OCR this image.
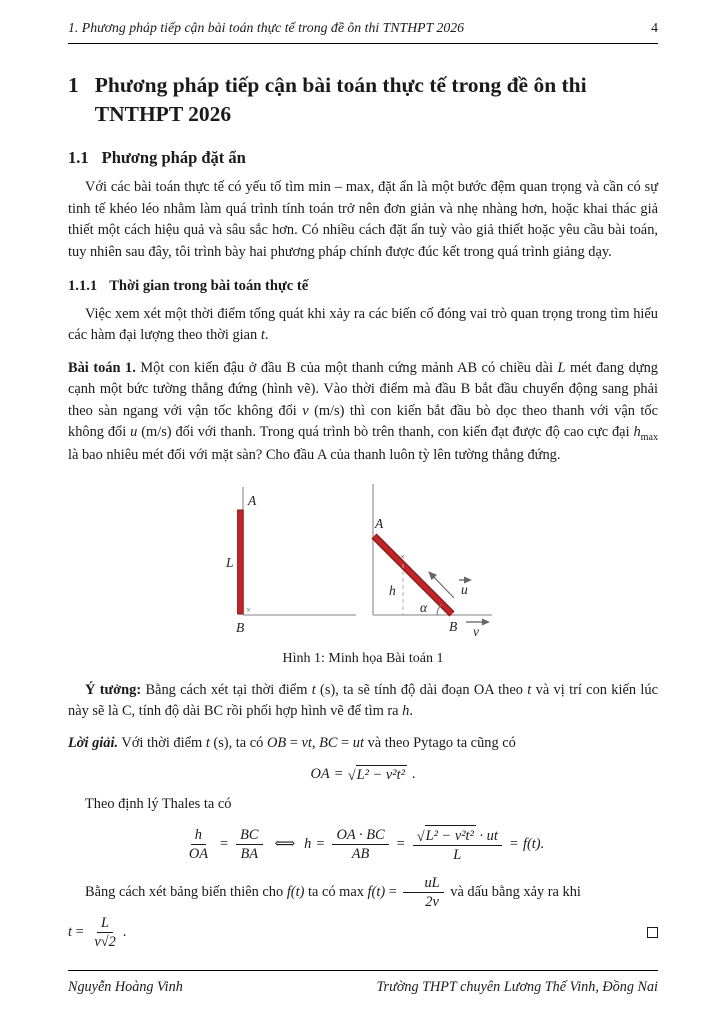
1. Phương pháp tiếp cận bài toán thực tế trong đề ôn thi TNTHPT 2026	4
1 Phương pháp tiếp cận bài toán thực tế trong đề ôn thi TNTHPT 2026
1.1 Phương pháp đặt ẩn

Với các bài toán thực tế có yếu tố tìm min – max, đặt ẩn là một bước đệm quan trọng và cần có sự tinh tế khéo léo nhằm làm quá trình tính toán trở nên đơn giản và nhẹ nhàng hơn, hoặc khai thác giả thiết một cách hiệu quả và sâu sắc hơn. Có nhiều cách đặt ẩn tuỳ vào giả thiết hoặc yêu cầu bài toán, tuy nhiên sau đây, tôi trình bày hai phương pháp chính được đúc kết trong quá trình giảng dạy.

1.1.1 Thời gian trong bài toán thực tế

Việc xem xét một thời điểm tổng quát khi xảy ra các biến cố đóng vai trò quan trọng trong tìm hiểu các hàm đại lượng theo thời gian t.

Bài toán 1. Một con kiến đậu ở đầu B của một thanh cứng mảnh AB có chiều dài L mét đang dựng cạnh một bức tường thẳng đứng (hình vẽ). Vào thời điểm mà đầu B bắt đầu chuyển động sang phải theo sàn ngang với vận tốc không đổi v (m/s) thì con kiến bắt đầu bò dọc theo thanh với vận tốc không đổi u (m/s) đối với thanh. Trong quá trình bò trên thanh, con kiến đạt được độ cao cực đại $h_{max}$ là bao nhiêu mét đối với mặt sàn? Cho đầu A của thanh luôn tỳ lên tường thẳng đứng.

A
L
×
B
A
×
h
α
u
B v
Hình 1: Minh họa Bài toán 1

Ý tưởng: Bằng cách xét tại thời điểm t (s), ta sẽ tính độ dài đoạn OA theo t và vị trí con kiến lúc này sẽ là C, tính độ dài BC rồi phối hợp hình vẽ để tìm ra h.

Lời giải. Với thời điểm t (s), ta có OB = vt, BC = ut và theo Pytago ta cũng có

OA = √ L² − v²t² .

Theo định lý Thales ta có

$\frac{h}{OA} = \frac{BC}{BA}$ ⟺ $h = \frac{OA \cdot BC}{AB} = \frac{\text{√ L² − v²t² · ut}}{L} = f(t)$.

Bằng cách xét bảng biến thiên cho f(t) ta có $\max f(t) = \frac{uL}{2v}$ và dấu bằng xảy ra khi

$t = \frac{L}{v√2}$ .
Nguyễn Hoàng Vinh	Trường THPT chuyên Lương Thế Vinh, Đồng Nai
